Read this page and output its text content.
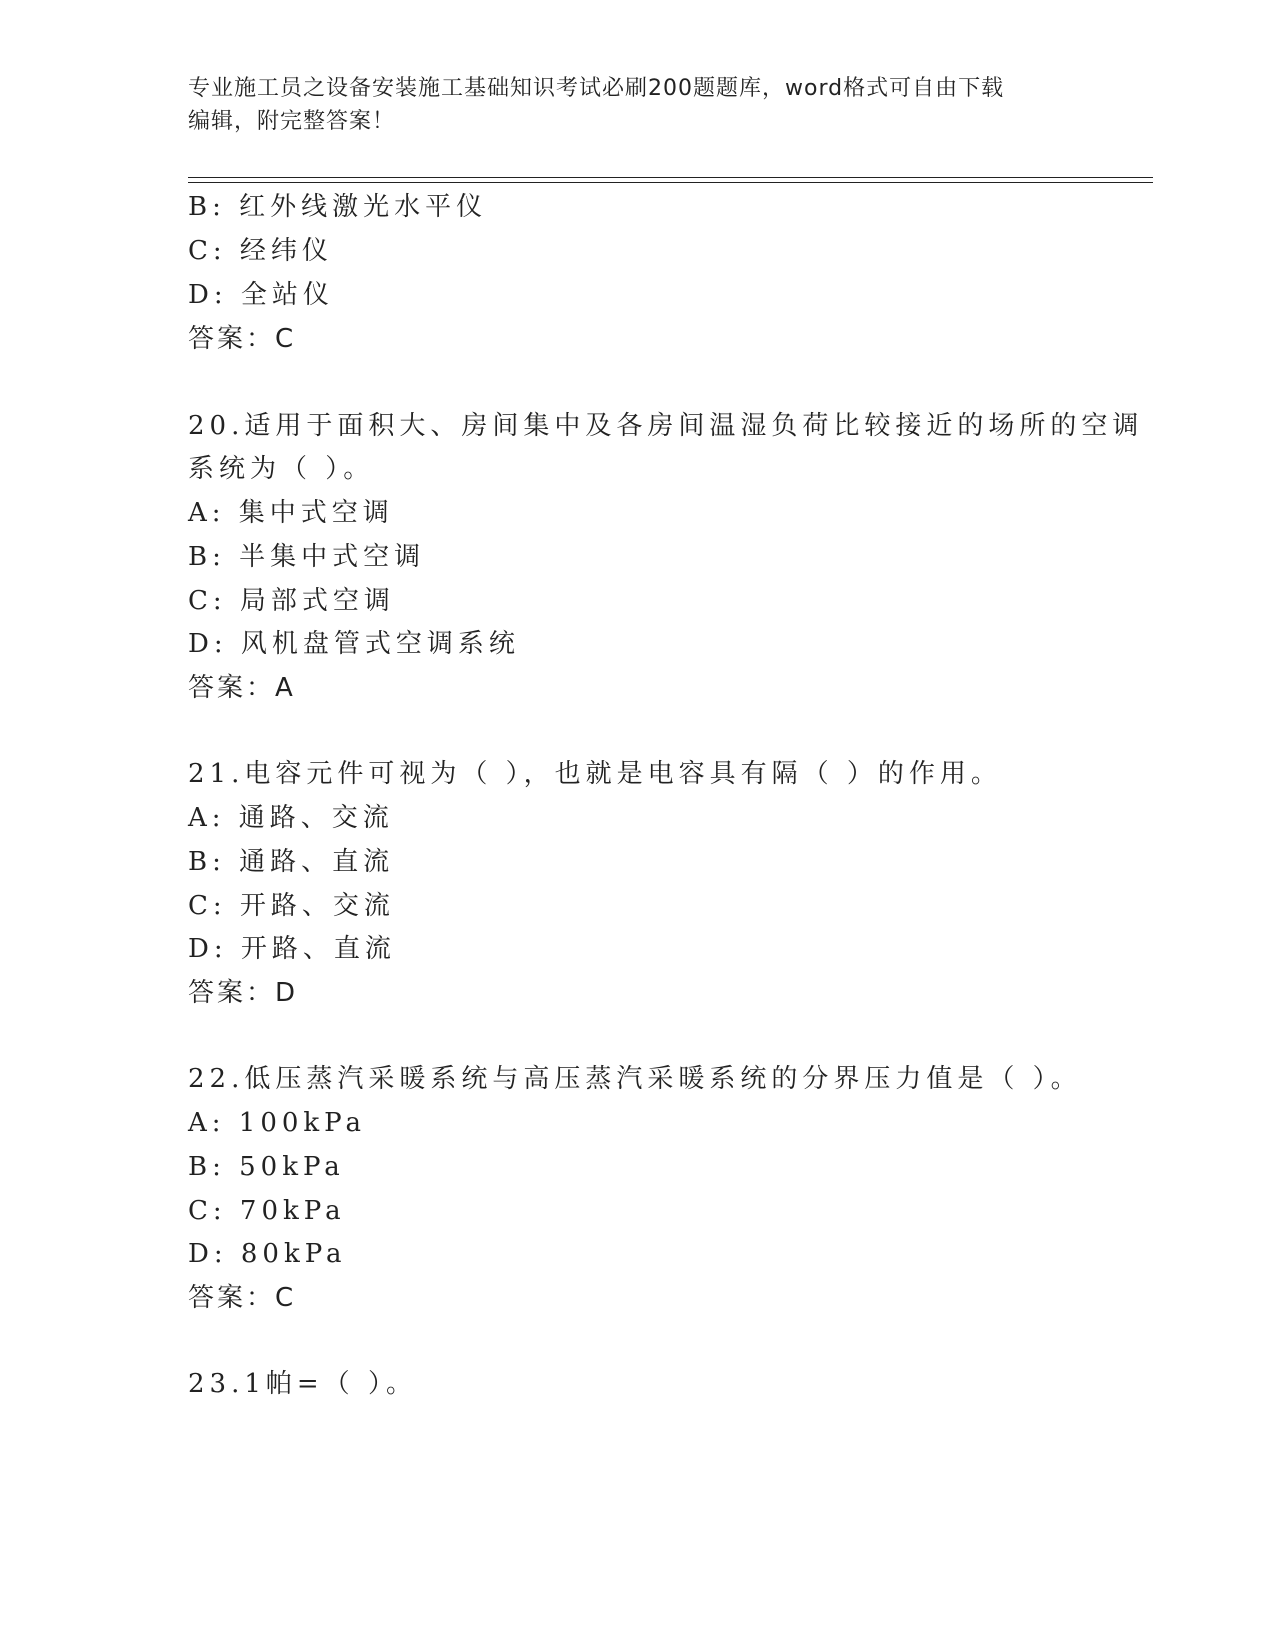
专业施工员之设备安装施工基础知识考试必刷200题题库，word格式可自由下载
编辑，附完整答案！
B: 红外线激光水平仪
C: 经纬仪
D: 全站仪
答案：C
20.适用于面积大、房间集中及各房间温湿负荷比较接近的场所的空调
系统为（ ）。
A: 集中式空调
B: 半集中式空调
C: 局部式空调
D: 风机盘管式空调系统
答案：A
21.电容元件可视为（ ），也就是电容具有隔（ ）的作用。
A: 通路、交流
B: 通路、直流
C: 开路、交流
D: 开路、直流
答案：D
22.低压蒸汽采暖系统与高压蒸汽采暖系统的分界压力值是（ ）。
A: 100kPa
B: 50kPa
C: 70kPa
D: 80kPa
答案：C
23.1帕=（ ）。
